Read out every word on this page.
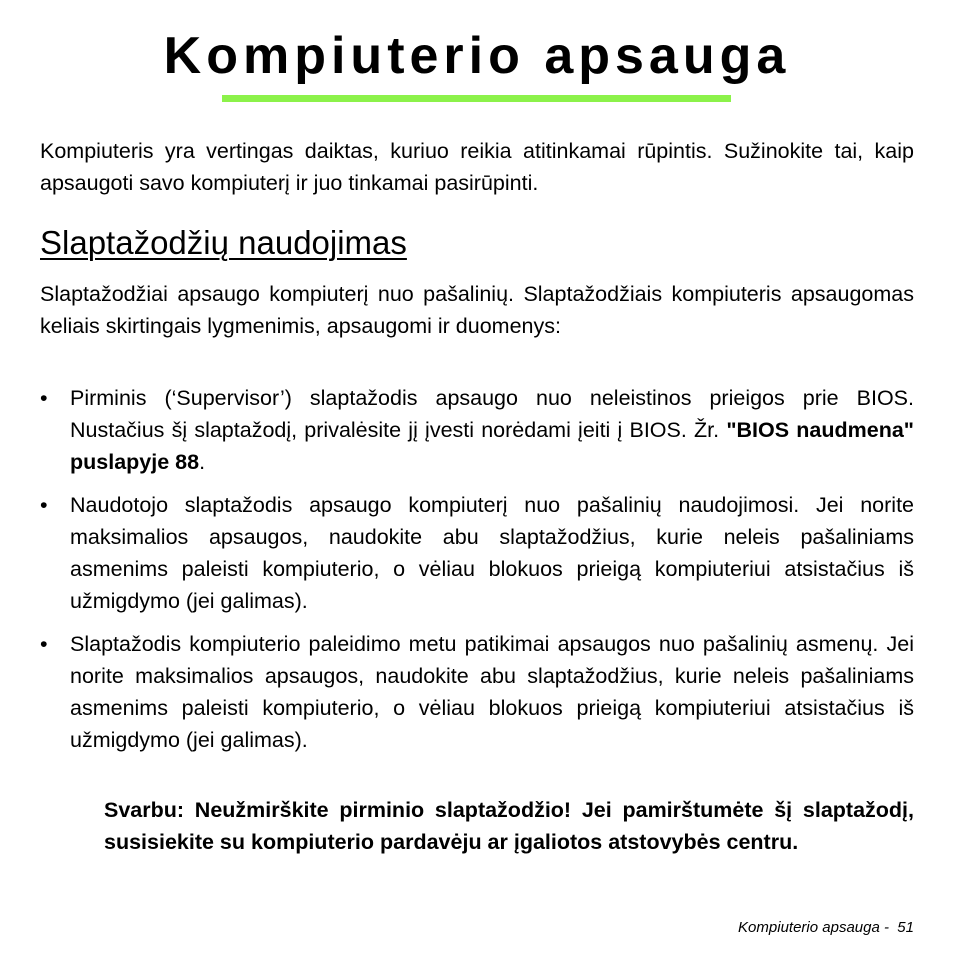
Kompiuterio apsauga

Kompiuteris yra vertingas daiktas, kuriuo reikia atitinkamai rūpintis. Sužinokite tai, kaip apsaugoti savo kompiuterį ir juo tinkamai pasirūpinti.

Slaptažodžių naudojimas

Slaptažodžiai apsaugo kompiuterį nuo pašalinių. Slaptažodžiais kompiuteris apsaugomas keliais skirtingais lygmenimis, apsaugomi ir duomenys:

• Pirminis (‘Supervisor’) slaptažodis apsaugo nuo neleistinos prieigos prie BIOS. Nustačius šį slaptažodį, privalėsite jį įvesti norėdami įeiti į BIOS. Žr. "BIOS naudmena" puslapyje 88.
• Naudotojo slaptažodis apsaugo kompiuterį nuo pašalinių naudojimosi. Jei norite maksimalios apsaugos, naudokite abu slaptažodžius, kurie neleis pašaliniams asmenims paleisti kompiuterio, o vėliau blokuos prieigą kompiuteriui atsistačius iš užmigdymo (jei galimas).
• Slaptažodis kompiuterio paleidimo metu patikimai apsaugos nuo pašalinių asmenų. Jei norite maksimalios apsaugos, naudokite abu slaptažodžius, kurie neleis pašaliniams asmenims paleisti kompiuterio, o vėliau blokuos prieigą kompiuteriui atsistačius iš užmigdymo (jei galimas).

Svarbu: Neužmirškite pirminio slaptažodžio! Jei pamirštumėte šį slaptažodį, susisiekite su kompiuterio pardavėju ar įgaliotos atstovybės centru.

Kompiuterio apsauga -  51
